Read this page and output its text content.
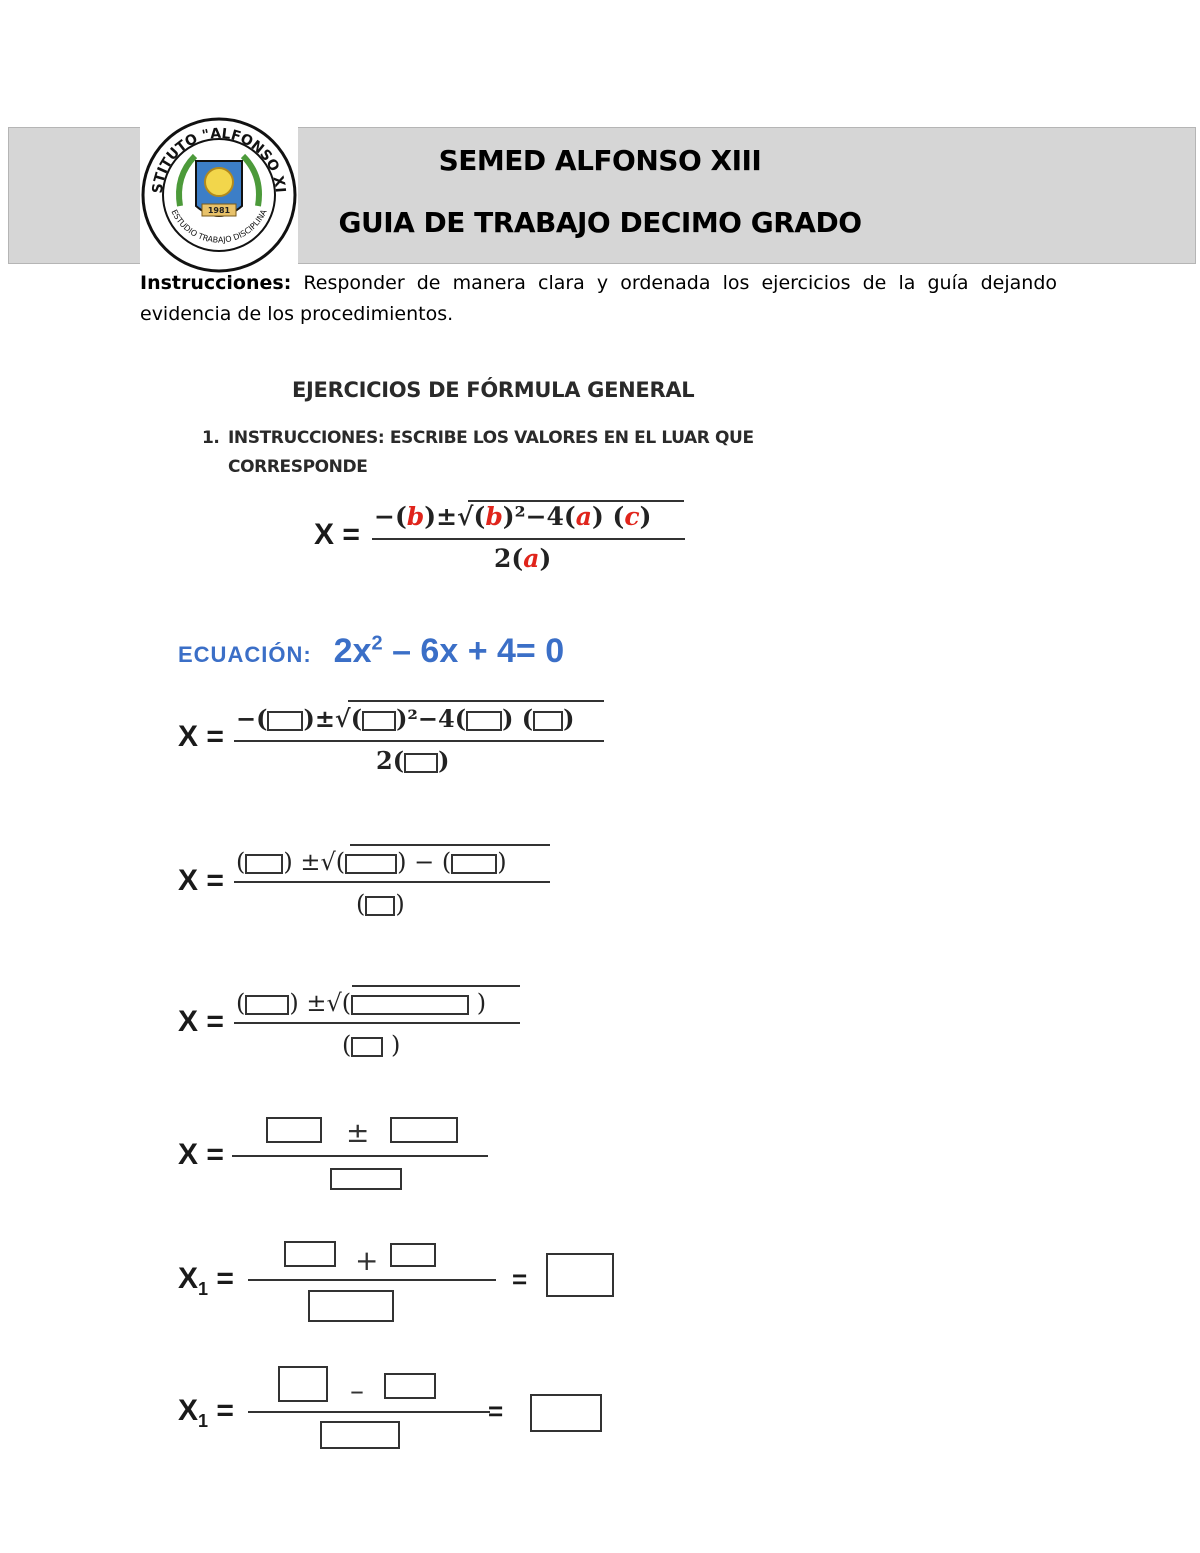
STITUTO "ALFONSO XI
ESTUDIO TRABAJO DISCIPLINA
1981
SEMED ALFONSO XIII
GUIA DE TRABAJO DECIMO GRADO
Instrucciones: Responder de manera clara y ordenada los ejercicios de la guía dejando evidencia de los procedimientos.
EJERCICIOS DE FÓRMULA GENERAL
1. INSTRUCCIONES: ESCRIBE LOS VALORES EN EL LUAR QUE
CORRESPONDE
X =
−(b)±√(b)²−4(a) (c)
2(a)
ECUACIÓN: $2x^2 - 6x + 4= 0$
X =
−( )±√( )²−4( ) ( )
2( )
X =
( ) ±√( ) − ( )
( )
X =
( ) ±√(	)
( )
X =
±
$X_1$ =
+
=
$X_1$ =
–
=
